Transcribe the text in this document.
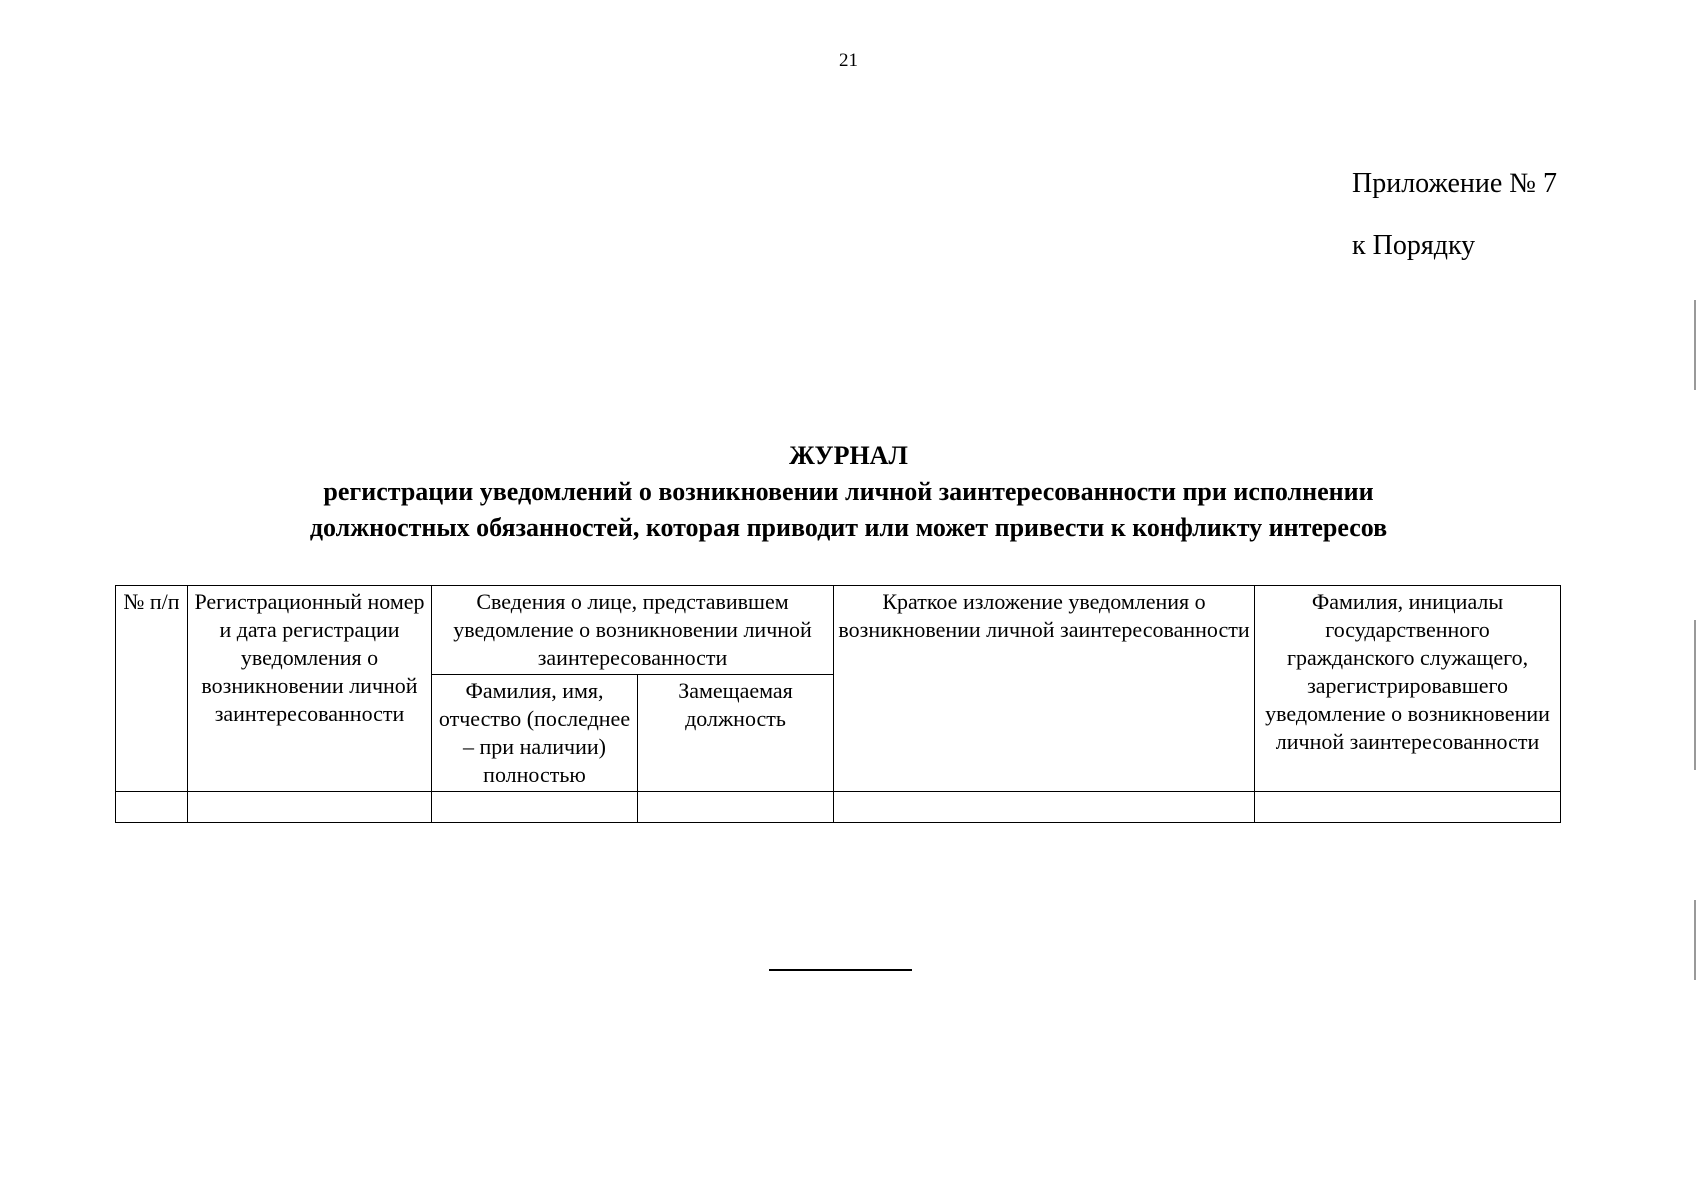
21
Приложение № 7
к Порядку
ЖУРНАЛ
регистрации уведомлений о возникновении личной заинтересованности при исполнении
должностных обязанностей, которая приводит или может привести к конфликту интересов
№ п/п	Регистрационный номер и дата регистрации уведомления о возникновении личной заинтересованности	Сведения о лице, представившем уведомление о возникновении личной заинтересованности		Краткое изложение уведомления о возникновении личной заинтересованности	Фамилия, инициалы государственного гражданского служащего, зарегистрировавшего уведомление о возникновении личной заинтересованности
		Фамилия, имя, отчество (последнее – при наличии) полностью	Замещаемая должность		
